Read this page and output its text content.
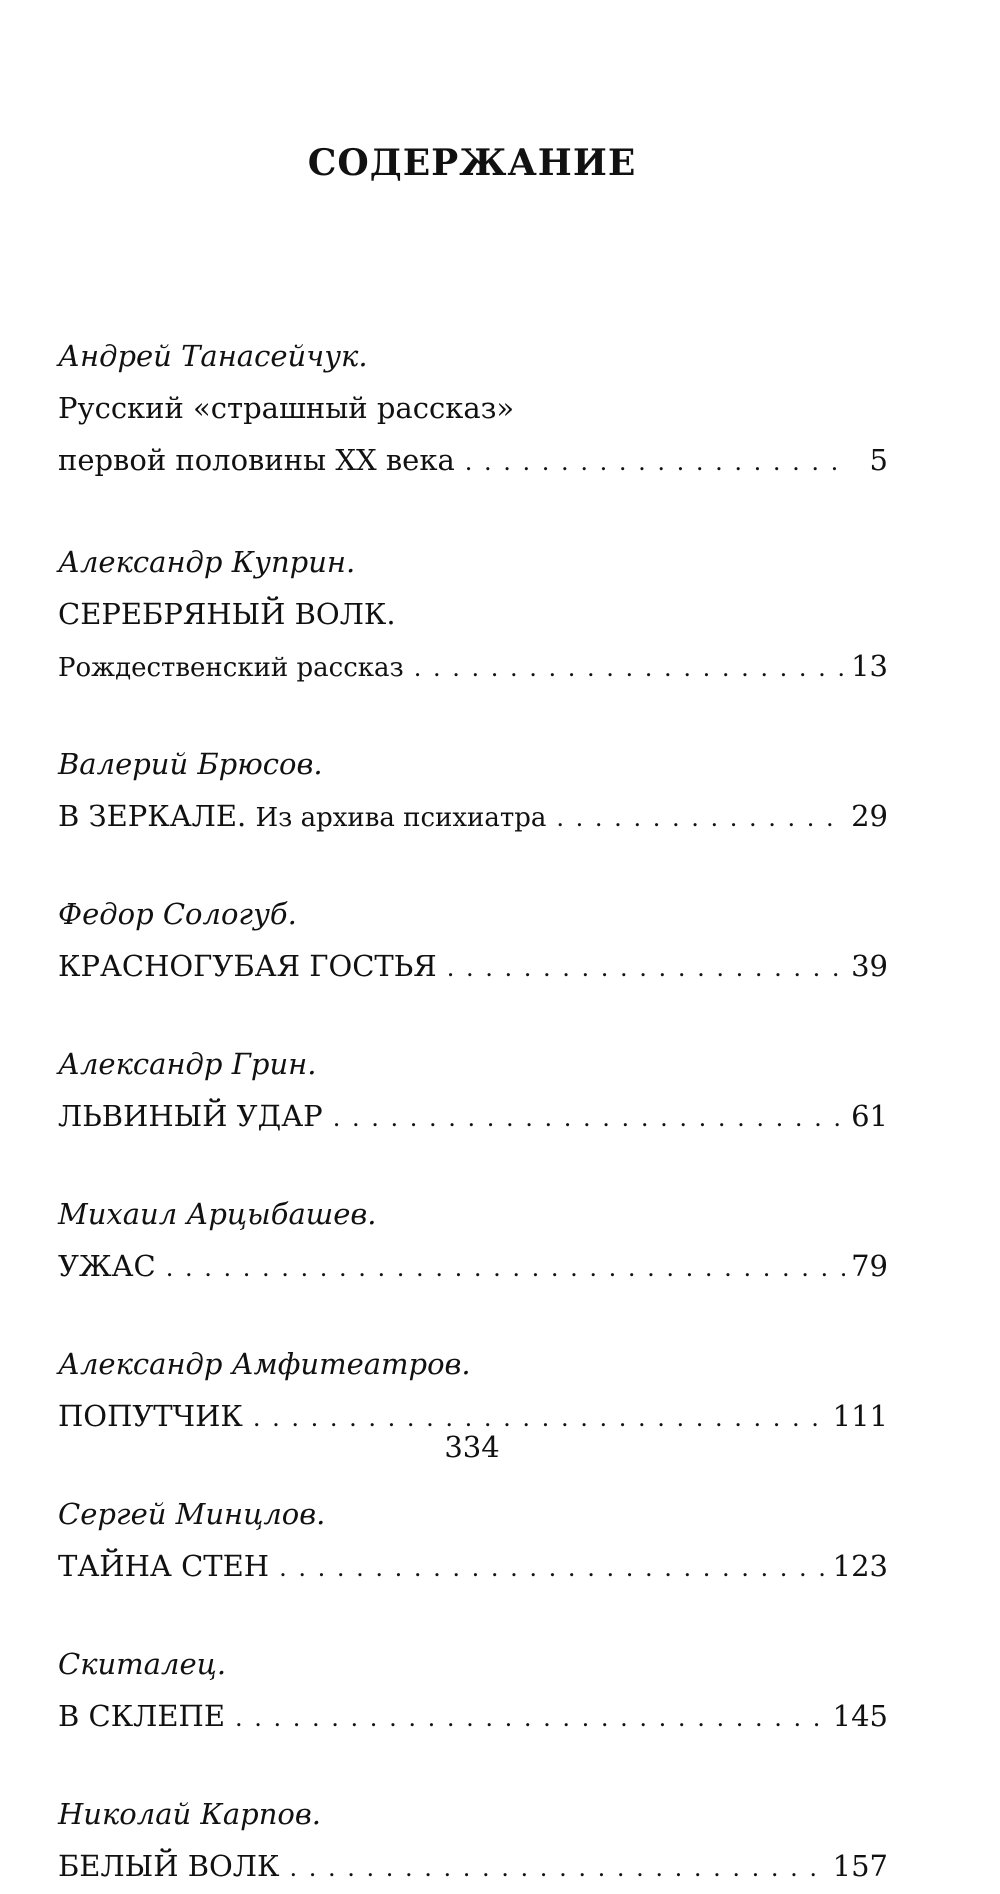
СОДЕРЖАНИЕ
Андрей Танасейчук.
Русский «страшный рассказ»
первой половины XX века . . .	5
Александр Куприн.
СЕРЕБРЯНЫЙ ВОЛК.
Рождественский рассказ . . .	13
Валерий Брюсов.
В ЗЕРКАЛЕ. Из архива психиатра . . .	29
Федор Сологуб.
КРАСНОГУБАЯ ГОСТЬЯ . . .	39
Александр Грин.
ЛЬВИНЫЙ УДАР . . .	61
Михаил Арцыбашев.
УЖАС . . .	79
Александр Амфитеатров.
ПОПУТЧИК . . .	111
Сергей Минцлов.
ТАЙНА СТЕН . . .	123
Скиталец.
В СКЛЕПЕ . . .	145
Николай Карпов.
БЕЛЫЙ ВОЛК . . .	157
334
